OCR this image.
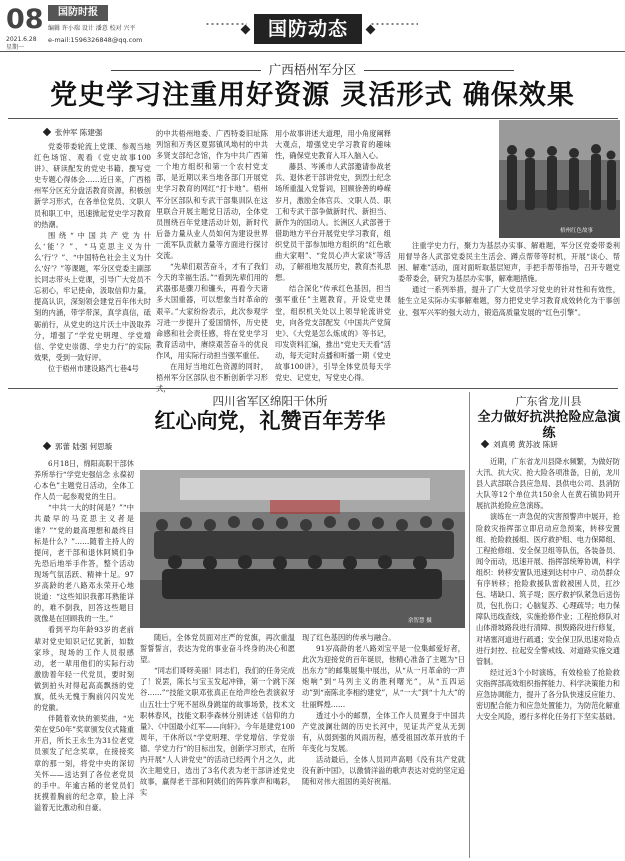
08
2021.6.28
星期一
国防时报
编辑 许小瑞 设计 潘意 校对 兴平
e-mail:1596326848@qq.com	国防动态
广西梧州军分区
党史学习注重用好资源 灵活形式 确保效果
张仲军 陈建强

党委带委轮流上党课、参观当地红色场馆、观看《党史故事100讲》、研读配发的党史书籍、撰写党史专题心得体会……近日来，广西梧州军分区充分盘活教育资源，积极创新学习形式，在各单位党员、文职人员和职工中，迅速掀起党史学习教育的热潮。

围绕“中国共产党为什么‘能’？”、“马克思主义为什么‘行’？”、“中国特色社会主义为什么‘好’？”等课题，军分区党委主副部长同志带头上党课，引导广大党员不忘初心，牢记使命，汲取信仰力量，提高认识，深刻领会建党百年伟大时刻的内涵，带学带深，真学真信，砥砺前行，从党史的这片沃土中汲取养分，增强了“学党史明理、学党增信、学党史崇德、学史力行”的实际效果，受到一致好评。

位于梧州市建设路汽七巷4号

的中共梧州地委、广西特委旧址陈列馆和万秀区夏郢镇风坳村的中共多贤支部纪念馆，作为中共广西第一个地方组织和第一个农村党支部，是近期以来当地各部门开展党史学习教育的网红“打卡地”。梧州军分区部队和专武干部集训队在这里联合开展主题党日活动，全体党员围绕百年党建活动计划，新时代后备力量从业人员如何为建设世界一流军队贡献力量等方面进行探讨交流。

“先辈们艰苦奋斗，才有了我们今天的幸福生活。”“看到先辈们用的武器那是骤刀和镰头，再看今天诸多大国重器，可以想象当时革命的艰辛。”大家纷纷表示，此次参观学习进一步提升了爱国情怀，历史使命感和社会责任感，将在党史学习教育活动中，赓续艰苦奋斗的优良作风，用实际行动担当强军重任。

在用好当地红色资源的同时，梧州军分区部队也不断创新学习形

用小故事讲述大道理，用小角度阐释大观点，增强党史学习教育的趣味性，确保党史教育入耳入脑入心。

藤县、岑溪市人武部邀请参战老兵、退休老干部讲党史，到烈士纪念场所重温入党誓词，回顾徐善的峥嵘岁月，激励全体官兵、文职人员、职工和专武干部争做新时代、新担当、新作为的国动人。长洲区人武部善于借助地方平台开展党史学习教育，组织党员干部参加地方组织的“红色歌曲大家唱”、“党员心声大家谈”等活动，了解祖地发展历史，教育杰礼思想。

结合深化“传承红色基因，担当强军重任”主题教育，开设党史课堂，组织机关处以上领导轮流讲党史，向各党支部配发《中国共产党简史》、《大党是怎么炼成的》等书记，印发资料汇编，推出“党史天天看”活动，每天定时点播和听播一期《党史故事100讲》，引导全体党员每天学党史、记党史，写党史心得。

注重学史力行，聚力为基层办实事、解难题，军分区党委带委利用督导各人武部党委民主生活会、蹲点帮带等时机，开展“谈心、帮困、解难”活动，面对面听取基层短声，手把手帮带指导，召开专题党委带委会，研究为基层办实事，解难题措施。

通过一系列举措，提升了广大党员学习党史的针对性和有效性，能生立足实际办实事解难题，努力把党史学习教育成效转化为干事创业、强军兴军的强大动力，锻造高质量发展的“红色引擎”。

梧州红色故事
四川省军区绵阳干休所
红心向党，礼赞百年芳华
郭蕾 陆强 何思璇

6月18日，绵阳高职干部休养所举行“学党史强信念 永葆初心本色”主题党日活动，全体工作人员一起参观党的生日。

“中共一大的时间是？”“中共最早的马克思主义者是谁？”“党的最高理想和最终目标是什么？”……随着主持人的提问，老干部和退休阿姨们争先恐后地举手作答，整个活动现场气氛活跃、精神十足。97岁高龄的老八路邓永荣开心地说道：“这些知识我都耳熟能详的，难不倒我，回答这些题目就像是在回顾我的一生。”

看到平均年龄93岁的老前辈对党史知识记忆犹新，如数家珍，现场的工作人员很感动，老一辈用他们的实际行动激励着年轻一代党员，要时刻做到拍头对得起高高飘扬的党旗，低头无愧于胸前闪闪发光的党徽。

伴随着欢快的颁奖曲，“光荣在党50年”奖章颁发仪式隆重开启，所长王永生为31位老党员颁发了纪念奖章，在接接奖章的那一刻，将党中央的深切关怀——送达到了各位老党员的手中。年逾古稀的老党员们抚摸着胸前的纪念章，脸上洋溢着无比激动和自豪。

余智慧 摄

随后，全体党员面对庄严的党旗，再次重温誓誓誓言，表达为党的事业奋斗终身的决心和愿望。

“同志们哥呀美丽！同志们，我们的任务完成了！说罢，陈长与宝玉发起冲锋，第一个跳下深谷……”“技能文职邓张真正在给声绘色表演叙牙山五壮士宁死不屈纵身跳崖的故事场景，技术文职林春风，技能文职李森林分别讲述《信仰的力量》、《中国最小红军——向轩》。今年是建党100周年，干休所以“学党明理、学党增信、学党崇德、学党力行”的目标出发，创新学习形式，在所内开展“人人讲党史”的活动已经两个月之久，此次主题党日，选出了3名代表为老干部讲述党史故事，赢得老干部和阿姨们的阵阵掌声和喝彩，实

现了红色基因的传承与融合。

91岁高龄的老八路刘宝平是一位集邮爱好者，此次为迎接党的百年诞辰，他精心准备了主题为“日出东方”的邮集展集中展出，从“从一月革命的一声炮响”到“马列主义的胜利曙光”，从“五四运动”到“南陈北李相约建党”，从“一大”到“十九大”的壮丽辉煌……

透过小小的邮票，全体工作人员置身于中国共产党波澜壮阔的历史长河中，见证共产党从无到有，从弱到强的风雨历程，感受祖国改革开放的千年变化与发展。

活动最后，全体人员同声高唱《没有共产党就没有新中国》，以激情洋溢的歌声表达对党的坚定追随和对伟大祖国的美好祝福。

广东省龙川县
全力做好抗洪抢险应急演练
刘真勇 黄苏波 陈妍

近期，广东省龙川县降水频繁，为做好防大汛、抗大灾、抢大险各项准备，日前，龙川县人武部联合县应急局、县供电公司、县消防大队等12个单位共150余人在黄石镇协同开展抗洪抢险应急演练。

演练在一声急促的灾害预警声中展开，抢险救灾指挥部立即启动应急预案，转移安置组、抢险救援组、医疗救护组、电力保障组、工程抢修组、安全保卫组等队伍，各装备员、闻令而动，迅速开展、指挥部统筹协调，科学组织：转移安置队迅速到达村中户、动员群众有序转移；抢险救援队雷救被困人员，扛沙包、堵缺口、筑子堤；医疗救护队紧急后送伤员，包扎伤口；心脑复苏、心理疏导；电力保障队迅线查线，实施抢修作业；工程抢修队对山体滑坡路段进行清障、损毁路段进行修复，对堵塞河道进行疏通；安全保卫队迅速对险点进行封控、拉起安全警戒线、对道路实施交通管制。

经过近3个小时演练，有效检验了抢险救灾指挥部高效组织指挥能力、科学决策能力和应急协调能力，提升了各分队快速反应能力、密切配合能力和应急处置能力，为防范化解重大安全风险，遏行多样化任务打下坚实基础。
